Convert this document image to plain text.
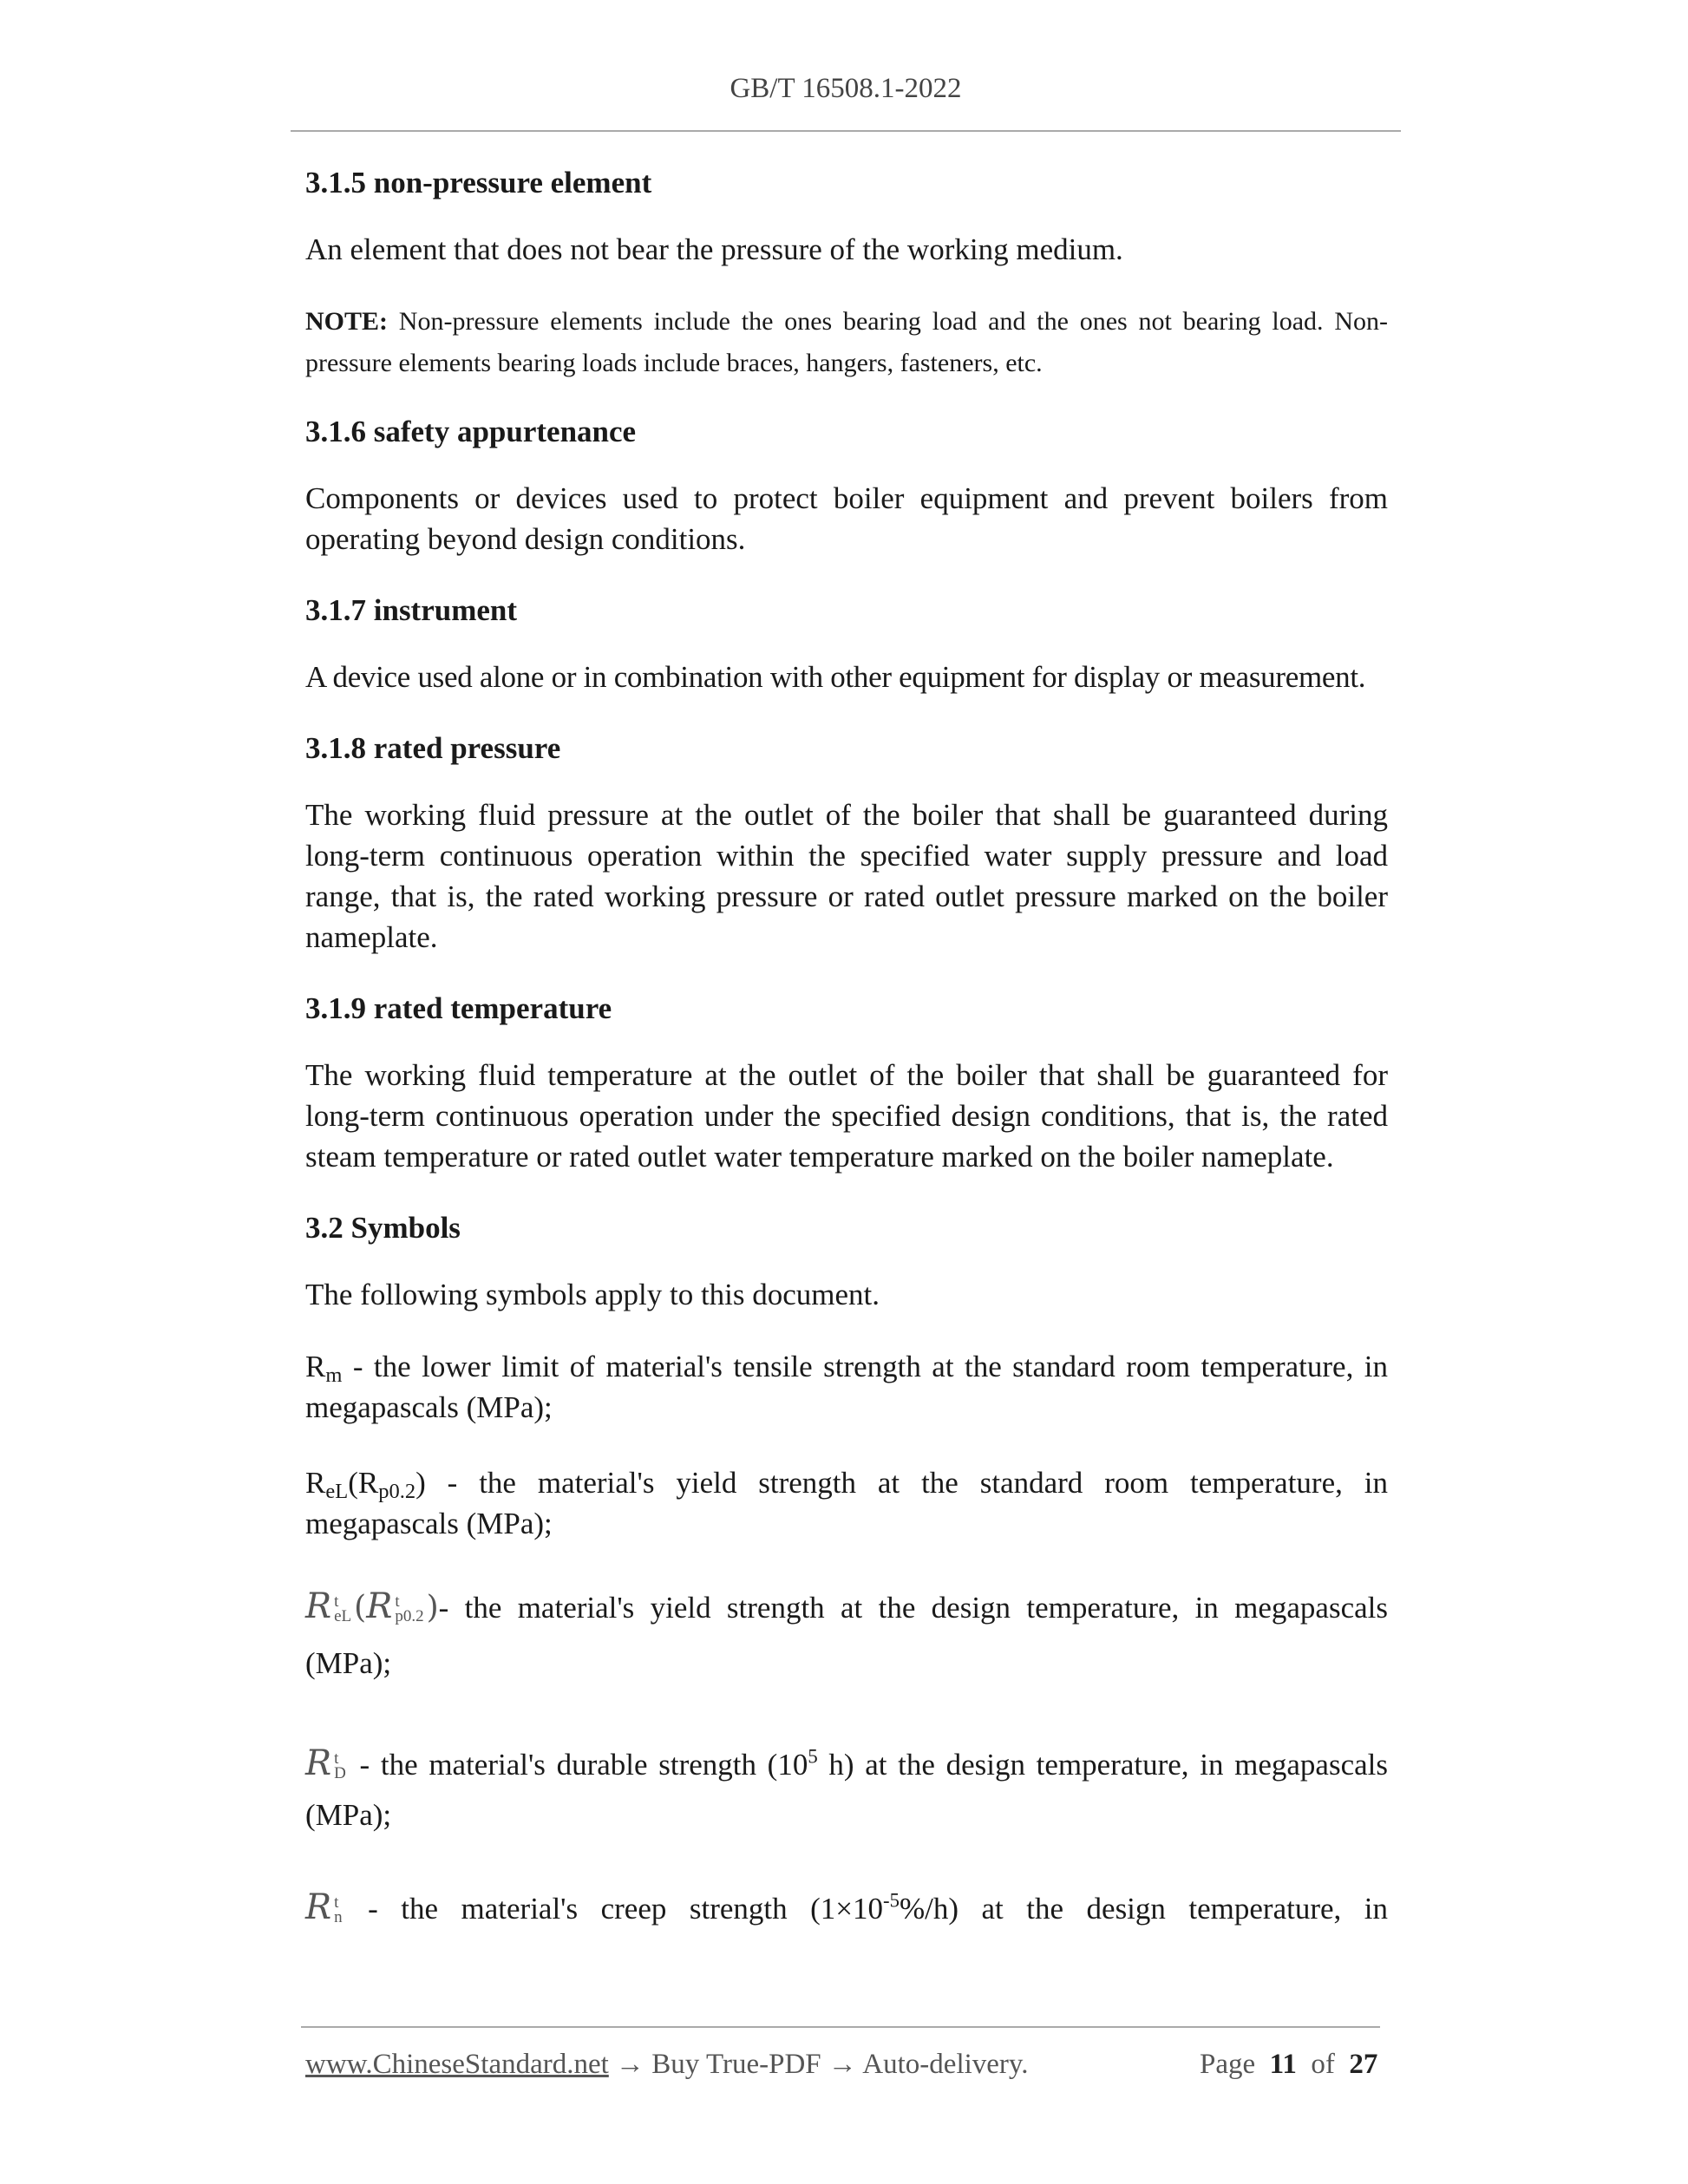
GB/T 16508.1-2022
3.1.5 non-pressure element
An element that does not bear the pressure of the working medium.
NOTE: Non-pressure elements include the ones bearing load and the ones not bearing load. Non-pressure elements bearing loads include braces, hangers, fasteners, etc.
3.1.6 safety appurtenance
Components or devices used to protect boiler equipment and prevent boilers from operating beyond design conditions.
3.1.7 instrument
A device used alone or in combination with other equipment for display or measurement.
3.1.8 rated pressure
The working fluid pressure at the outlet of the boiler that shall be guaranteed during long-term continuous operation within the specified water supply pressure and load range, that is, the rated working pressure or rated outlet pressure marked on the boiler nameplate.
3.1.9 rated temperature
The working fluid temperature at the outlet of the boiler that shall be guaranteed for long-term continuous operation under the specified design conditions, that is, the rated steam temperature or rated outlet water temperature marked on the boiler nameplate.
3.2 Symbols
The following symbols apply to this document.
$R_m$ - the lower limit of material's tensile strength at the standard room temperature, in megapascals (MPa);
$R_{eL}(R_{p0.2})$ - the material's yield strength at the standard room temperature, in megapascals (MPa);
R t
eL (R t
p0.2 )- the material's yield strength at the design temperature, in megapascals (MPa);
R t
D - the material's durable strength ($10^5$ h) at the design temperature, in megapascals (MPa);
R t
n - the material's creep strength $(1\times 10^{-5}\%/h)$ at the design temperature, in
www.ChineseStandard.net → Buy True-PDF → Auto-delivery.	Page 11 of 27
